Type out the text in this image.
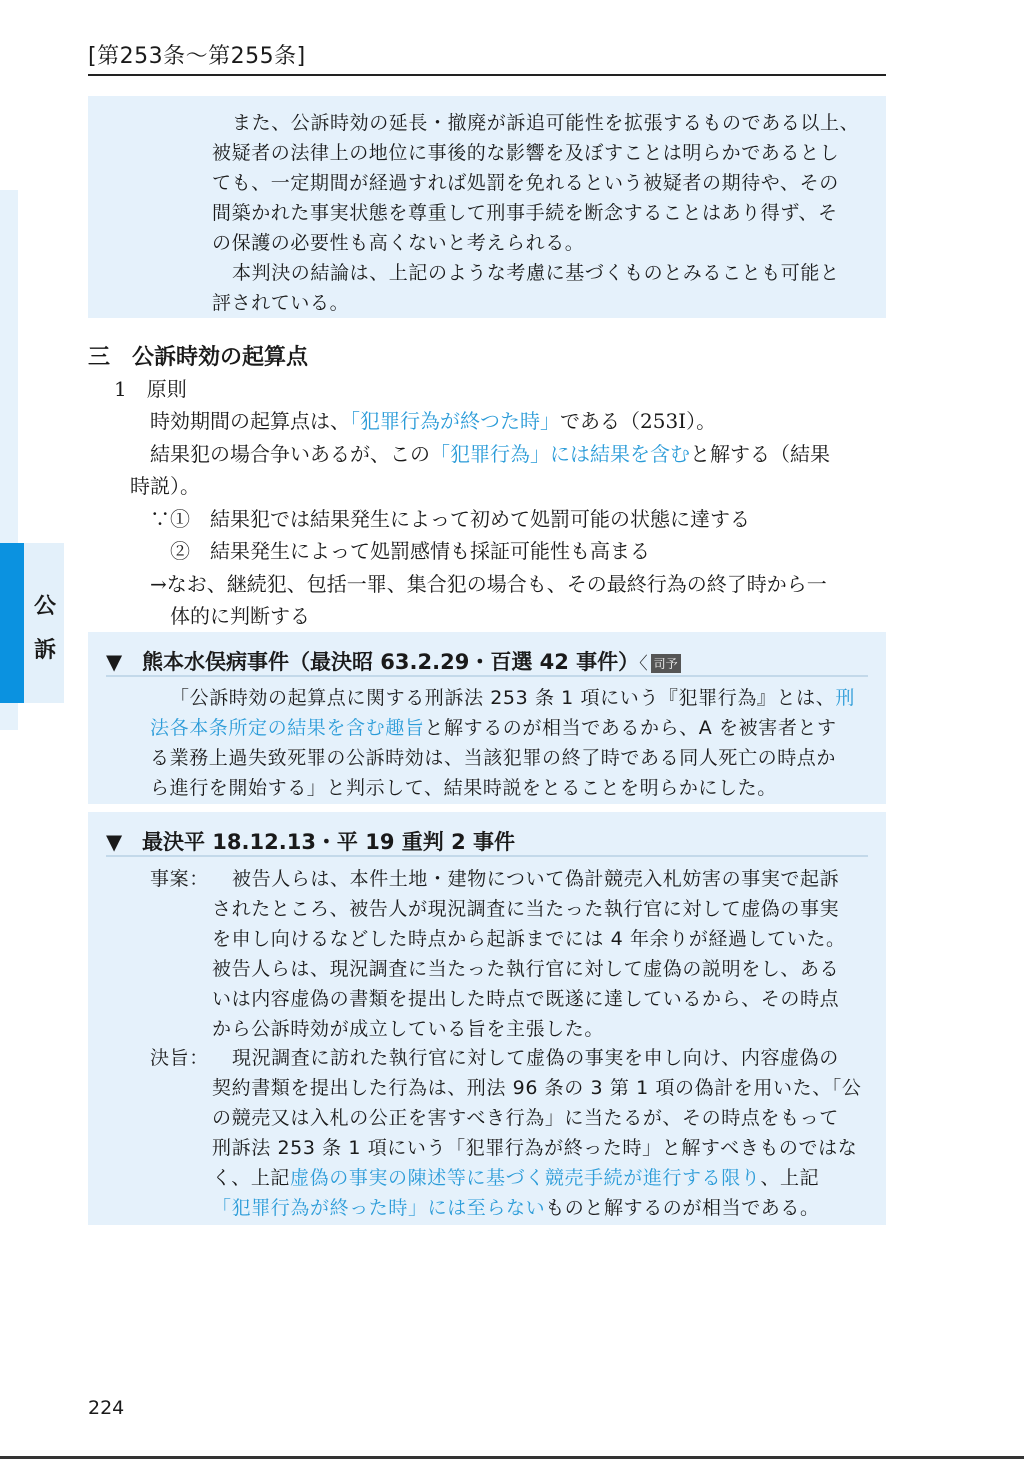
[第253条〜第255条]
公
訴
また、公訴時効の延長・撤廃が訴追可能性を拡張するものである以上、
被疑者の法律上の地位に事後的な影響を及ぼすことは明らかであるとし
ても、一定期間が経過すれば処罰を免れるという被疑者の期待や、その
間築かれた事実状態を尊重して刑事手続を断念することはあり得ず、そ
の保護の必要性も高くないと考えられる。
本判決の結論は、上記のような考慮に基づくものとみることも可能と
評されている。
三　公訴時効の起算点
1　原則
時効期間の起算点は、「犯罪行為が終つた時」である（253Ⅰ）。
結果犯の場合争いあるが、この「犯罪行為」には結果を含むと解する（結果
時説）。
∵①　結果犯では結果発生によって初めて処罰可能の状態に達する
②　結果発生によって処罰感情も採証可能性も高まる
→なお、継続犯、包括一罪、集合犯の場合も、その最終行為の終了時から一
体的に判断する
▼ 熊本水俣病事件（最決昭 63.2.29・百選 42 事件）〈 司予
「公訴時効の起算点に関する刑訴法 253 条 1 項にいう『犯罪行為』とは、刑
法各本条所定の結果を含む趣旨と解するのが相当であるから、A を被害者とす
る業務上過失致死罪の公訴時効は、当該犯罪の終了時である同人死亡の時点か
ら進行を開始する」と判示して、結果時説をとることを明らかにした。
▼ 最決平 18.12.13・平 19 重判 2 事件
事案： 被告人らは、本件土地・建物について偽計競売入札妨害の事実で起訴
されたところ、被告人が現況調査に当たった執行官に対して虚偽の事実
を申し向けるなどした時点から起訴までには 4 年余りが経過していた。
被告人らは、現況調査に当たった執行官に対して虚偽の説明をし、ある
いは内容虚偽の書類を提出した時点で既遂に達しているから、その時点
から公訴時効が成立している旨を主張した。
決旨： 現況調査に訪れた執行官に対して虚偽の事実を申し向け、内容虚偽の
契約書類を提出した行為は、刑法 96 条の 3 第 1 項の偽計を用いた、「公
の競売又は入札の公正を害すべき行為」に当たるが、その時点をもって
刑訴法 253 条 1 項にいう「犯罪行為が終った時」と解すべきものではな
く、上記虚偽の事実の陳述等に基づく競売手続が進行する限り、上記
「犯罪行為が終った時」には至らないものと解するのが相当である。
224
